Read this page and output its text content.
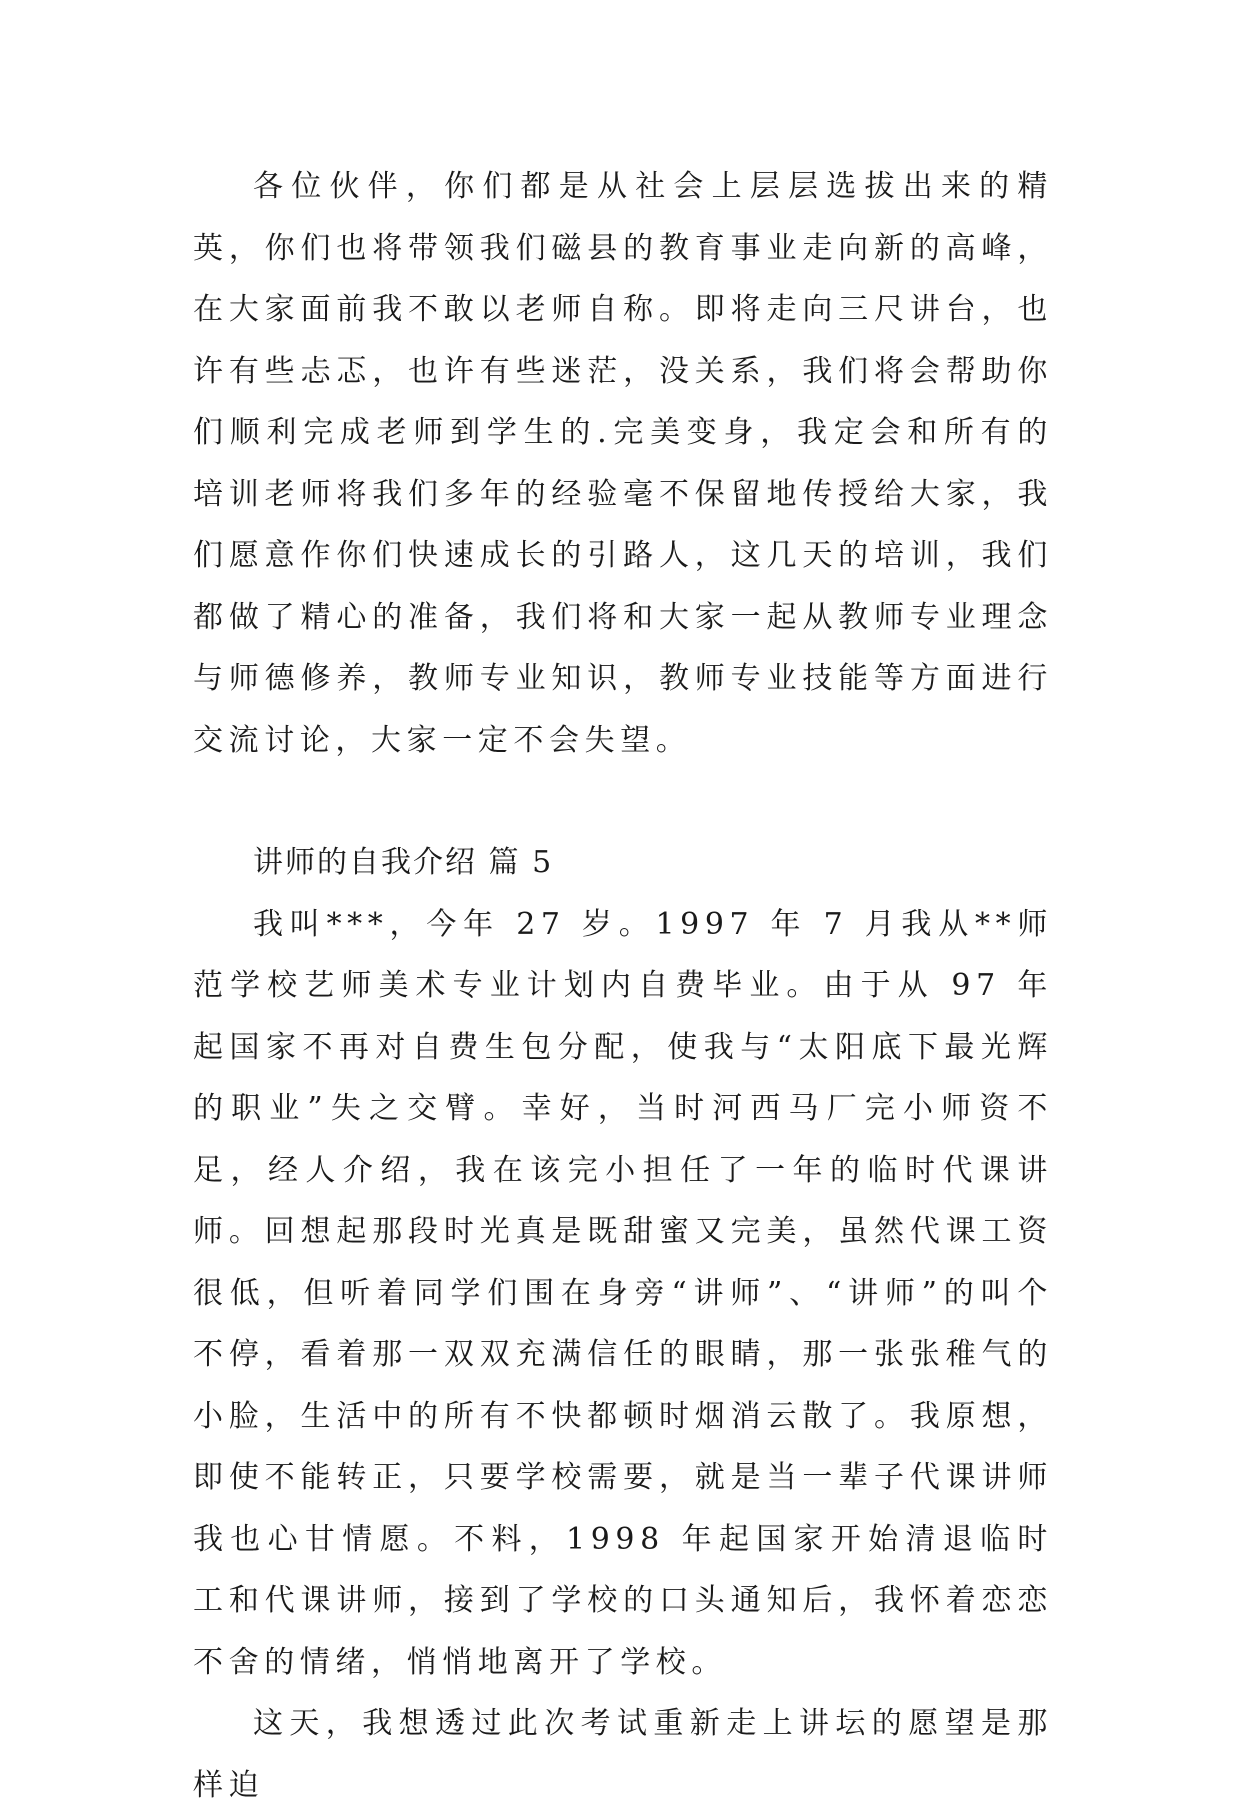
各位伙伴，你们都是从社会上层层选拔出来的精英，你们也将带领我们磁县的教育事业走向新的高峰，在大家面前我不敢以老师自称。即将走向三尺讲台，也许有些忐忑，也许有些迷茫，没关系，我们将会帮助你们顺利完成老师到学生的.完美变身，我定会和所有的培训老师将我们多年的经验毫不保留地传授给大家，我们愿意作你们快速成长的引路人，这几天的培训，我们都做了精心的准备，我们将和大家一起从教师专业理念与师德修养，教师专业知识，教师专业技能等方面进行交流讨论，大家一定不会失望。

讲师的自我介绍 篇 5

我叫***，今年 27 岁。1997 年 7 月我从**师范学校艺师美术专业计划内自费毕业。由于从 97 年起国家不再对自费生包分配，使我与“太阳底下最光辉的职业”失之交臂。幸好，当时河西马厂完小师资不足，经人介绍，我在该完小担任了一年的临时代课讲师。回想起那段时光真是既甜蜜又完美，虽然代课工资很低，但听着同学们围在身旁“讲师”、“讲师”的叫个不停，看着那一双双充满信任的眼睛，那一张张稚气的小脸，生活中的所有不快都顿时烟消云散了。我原想，即使不能转正，只要学校需要，就是当一辈子代课讲师我也心甘情愿。不料，1998 年起国家开始清退临时工和代课讲师，接到了学校的口头通知后，我怀着恋恋不舍的情绪，悄悄地离开了学校。

这天，我想透过此次考试重新走上讲坛的愿望是那样迫
